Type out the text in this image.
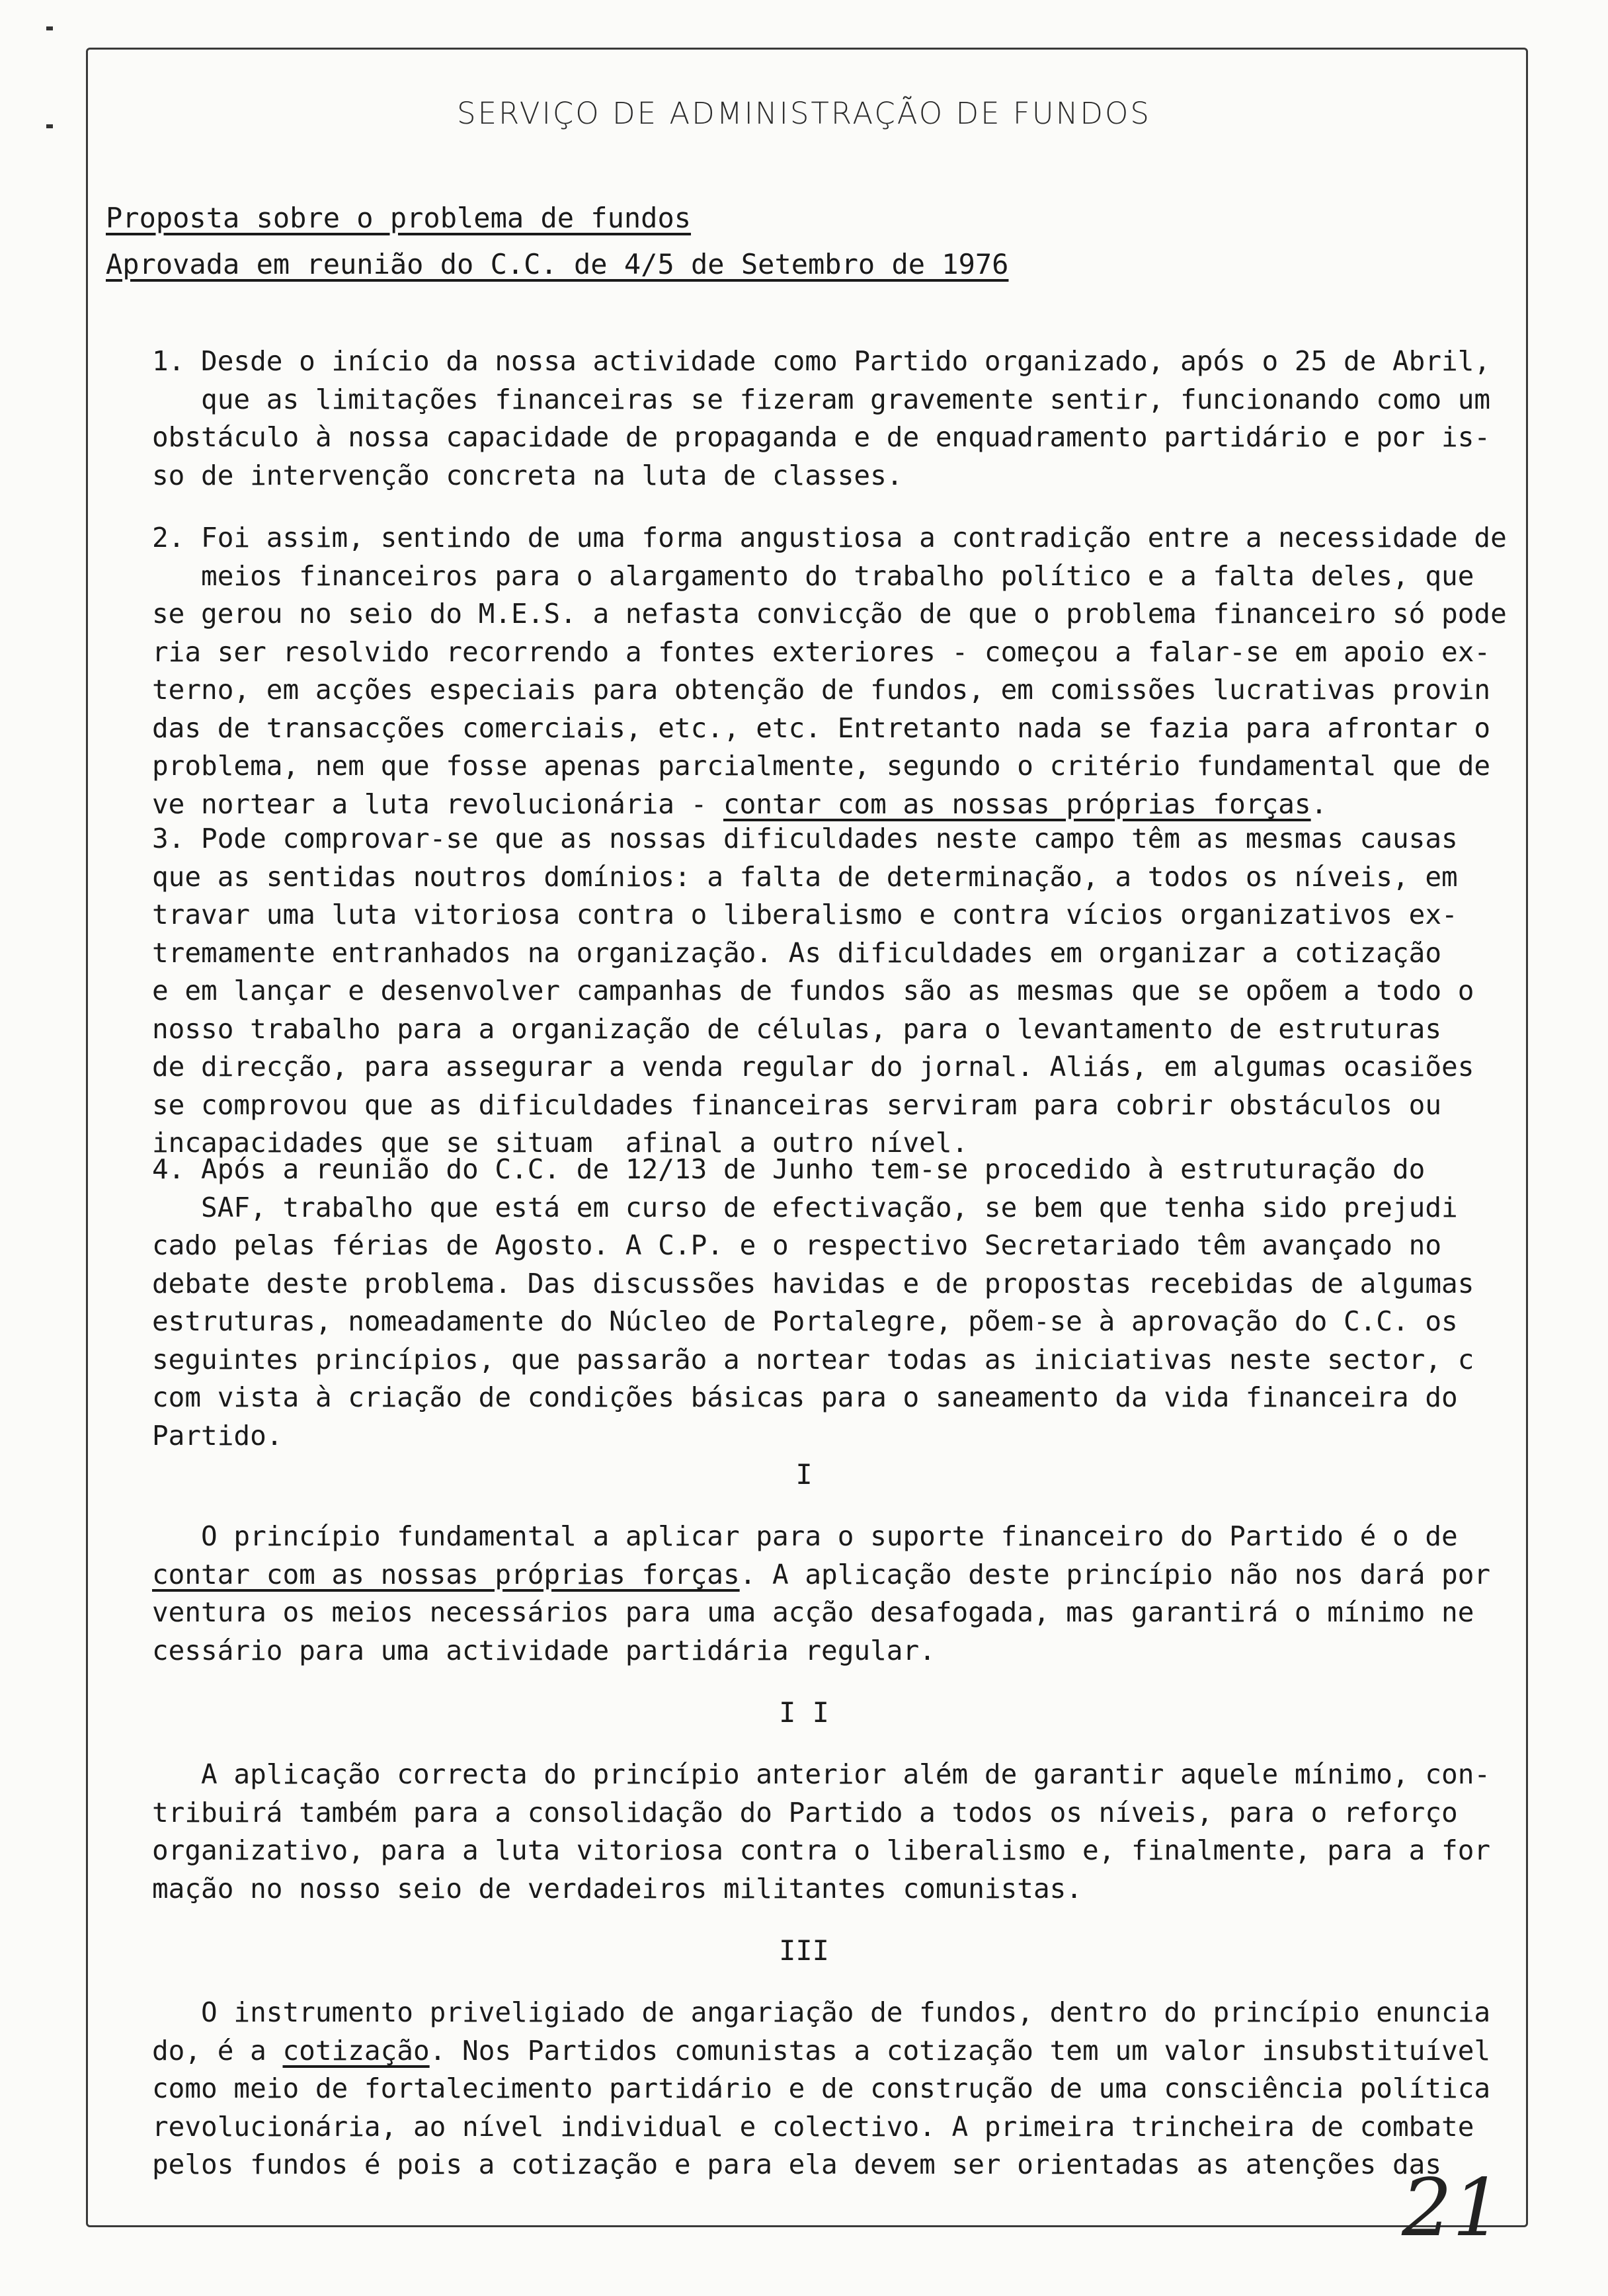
SERVIÇO DE ADMINISTRAÇÃO DE FUNDOS
Proposta sobre o problema de fundos
Aprovada em reunião do C.C. de 4/5 de Setembro de 1976
1. Desde o início da nossa actividade como Partido organizado, após o 25 de Abril,
que as limitações financeiras se fizeram gravemente sentir, funcionando como um
obstáculo à nossa capacidade de propaganda e de enquadramento partidário e por is-
so de intervenção concreta na luta de classes.
2. Foi assim, sentindo de uma forma angustiosa a contradição entre a necessidade de
meios financeiros para o alargamento do trabalho político e a falta deles, que
se gerou no seio do M.E.S. a nefasta convicção de que o problema financeiro só pode
ria ser resolvido recorrendo a fontes exteriores - começou a falar-se em apoio ex-
terno, em acções especiais para obtenção de fundos, em comissões lucrativas provin
das de transacções comerciais, etc., etc. Entretanto nada se fazia para afrontar o
problema, nem que fosse apenas parcialmente, segundo o critério fundamental que de
ve nortear a luta revolucionária - contar com as nossas próprias forças.
3. Pode comprovar-se que as nossas dificuldades neste campo têm as mesmas causas
que as sentidas noutros domínios: a falta de determinação, a todos os níveis, em
travar uma luta vitoriosa contra o liberalismo e contra vícios organizativos ex-
tremamente entranhados na organização. As dificuldades em organizar a cotização
e em lançar e desenvolver campanhas de fundos são as mesmas que se opõem a todo o
nosso trabalho para a organização de células, para o levantamento de estruturas
de direcção, para assegurar a venda regular do jornal. Aliás, em algumas ocasiões
se comprovou que as dificuldades financeiras serviram para cobrir obstáculos ou
incapacidades que se situam  afinal a outro nível.
4. Após a reunião do C.C. de 12/13 de Junho tem-se procedido à estruturação do
SAF, trabalho que está em curso de efectivação, se bem que tenha sido prejudi
cado pelas férias de Agosto. A C.P. e o respectivo Secretariado têm avançado no
debate deste problema. Das discussões havidas e de propostas recebidas de algumas
estruturas, nomeadamente do Núcleo de Portalegre, põem-se à aprovação do C.C. os
seguintes princípios, que passarão a nortear todas as iniciativas neste sector, c
com vista à criação de condições básicas para o saneamento da vida financeira do
Partido.
I
O princípio fundamental a aplicar para o suporte financeiro do Partido é o de
contar com as nossas próprias forças. A aplicação deste princípio não nos dará por
ventura os meios necessários para uma acção desafogada, mas garantirá o mínimo ne
cessário para uma actividade partidária regular.
I I
A aplicação correcta do princípio anterior além de garantir aquele mínimo, con-
tribuirá também para a consolidação do Partido a todos os níveis, para o reforço
organizativo, para a luta vitoriosa contra o liberalismo e, finalmente, para a for
mação no nosso seio de verdadeiros militantes comunistas.
III
O instrumento priveligiado de angariação de fundos, dentro do princípio enuncia
do, é a cotização. Nos Partidos comunistas a cotização tem um valor insubstituível
como meio de fortalecimento partidário e de construção de uma consciência política
revolucionária, ao nível individual e colectivo. A primeira trincheira de combate
pelos fundos é pois a cotização e para ela devem ser orientadas as atenções das
21
